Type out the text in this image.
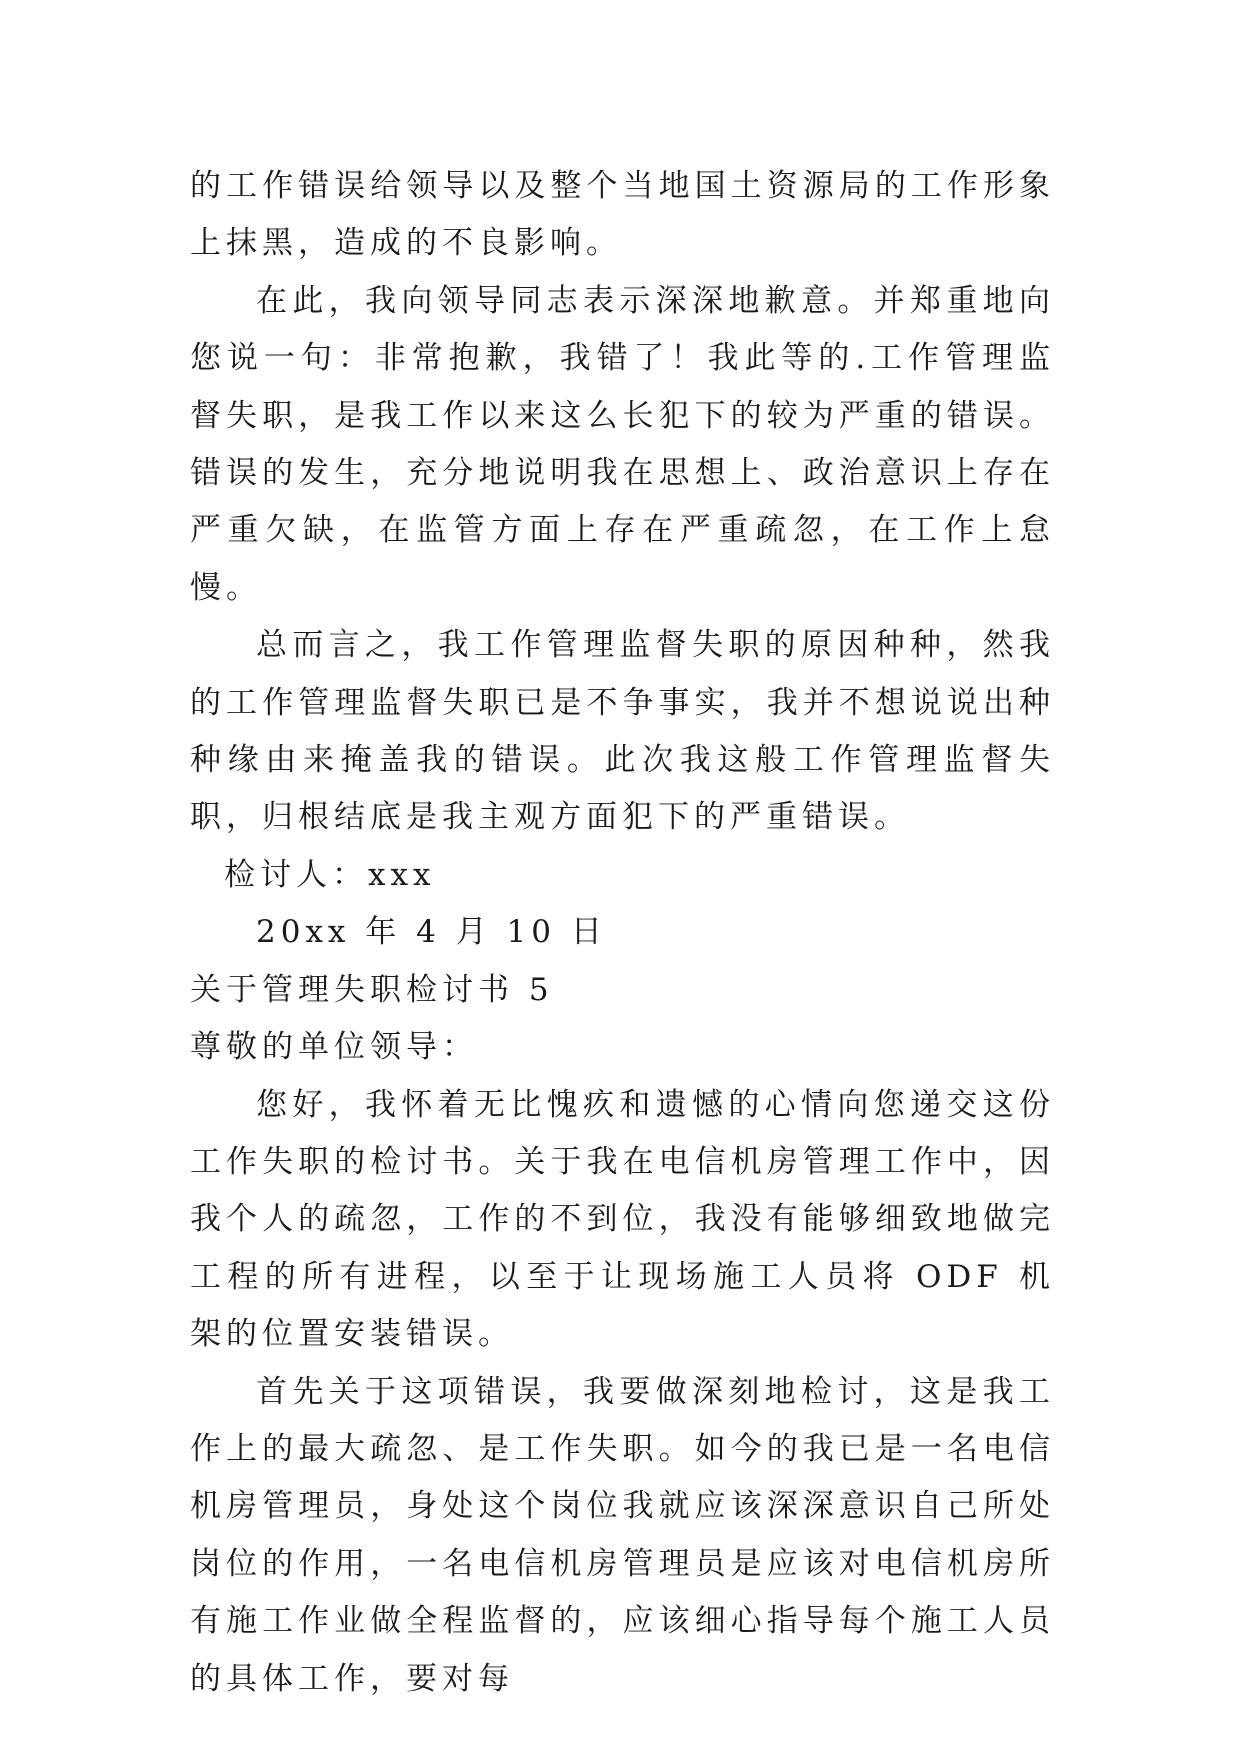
的工作错误给领导以及整个当地国土资源局的工作形象上抹黑，造成的不良影响。

在此，我向领导同志表示深深地歉意。并郑重地向您说一句：非常抱歉，我错了！我此等的.工作管理监督失职，是我工作以来这么长犯下的较为严重的错误。错误的发生，充分地说明我在思想上、政治意识上存在严重欠缺，在监管方面上存在严重疏忽，在工作上怠慢。

总而言之，我工作管理监督失职的原因种种，然我的工作管理监督失职已是不争事实，我并不想说说出种种缘由来掩盖我的错误。此次我这般工作管理监督失职，归根结底是我主观方面犯下的严重错误。

检讨人：xxx

20xx 年 4 月 10 日

关于管理失职检讨书 5

尊敬的单位领导：

您好，我怀着无比愧疚和遗憾的心情向您递交这份工作失职的检讨书。关于我在电信机房管理工作中，因我个人的疏忽，工作的不到位，我没有能够细致地做完工程的所有进程，以至于让现场施工人员将 ODF 机架的位置安装错误。

首先关于这项错误，我要做深刻地检讨，这是我工作上的最大疏忽、是工作失职。如今的我已是一名电信机房管理员，身处这个岗位我就应该深深意识自己所处岗位的作用，一名电信机房管理员是应该对电信机房所有施工作业做全程监督的，应该细心指导每个施工人员的具体工作，要对每
